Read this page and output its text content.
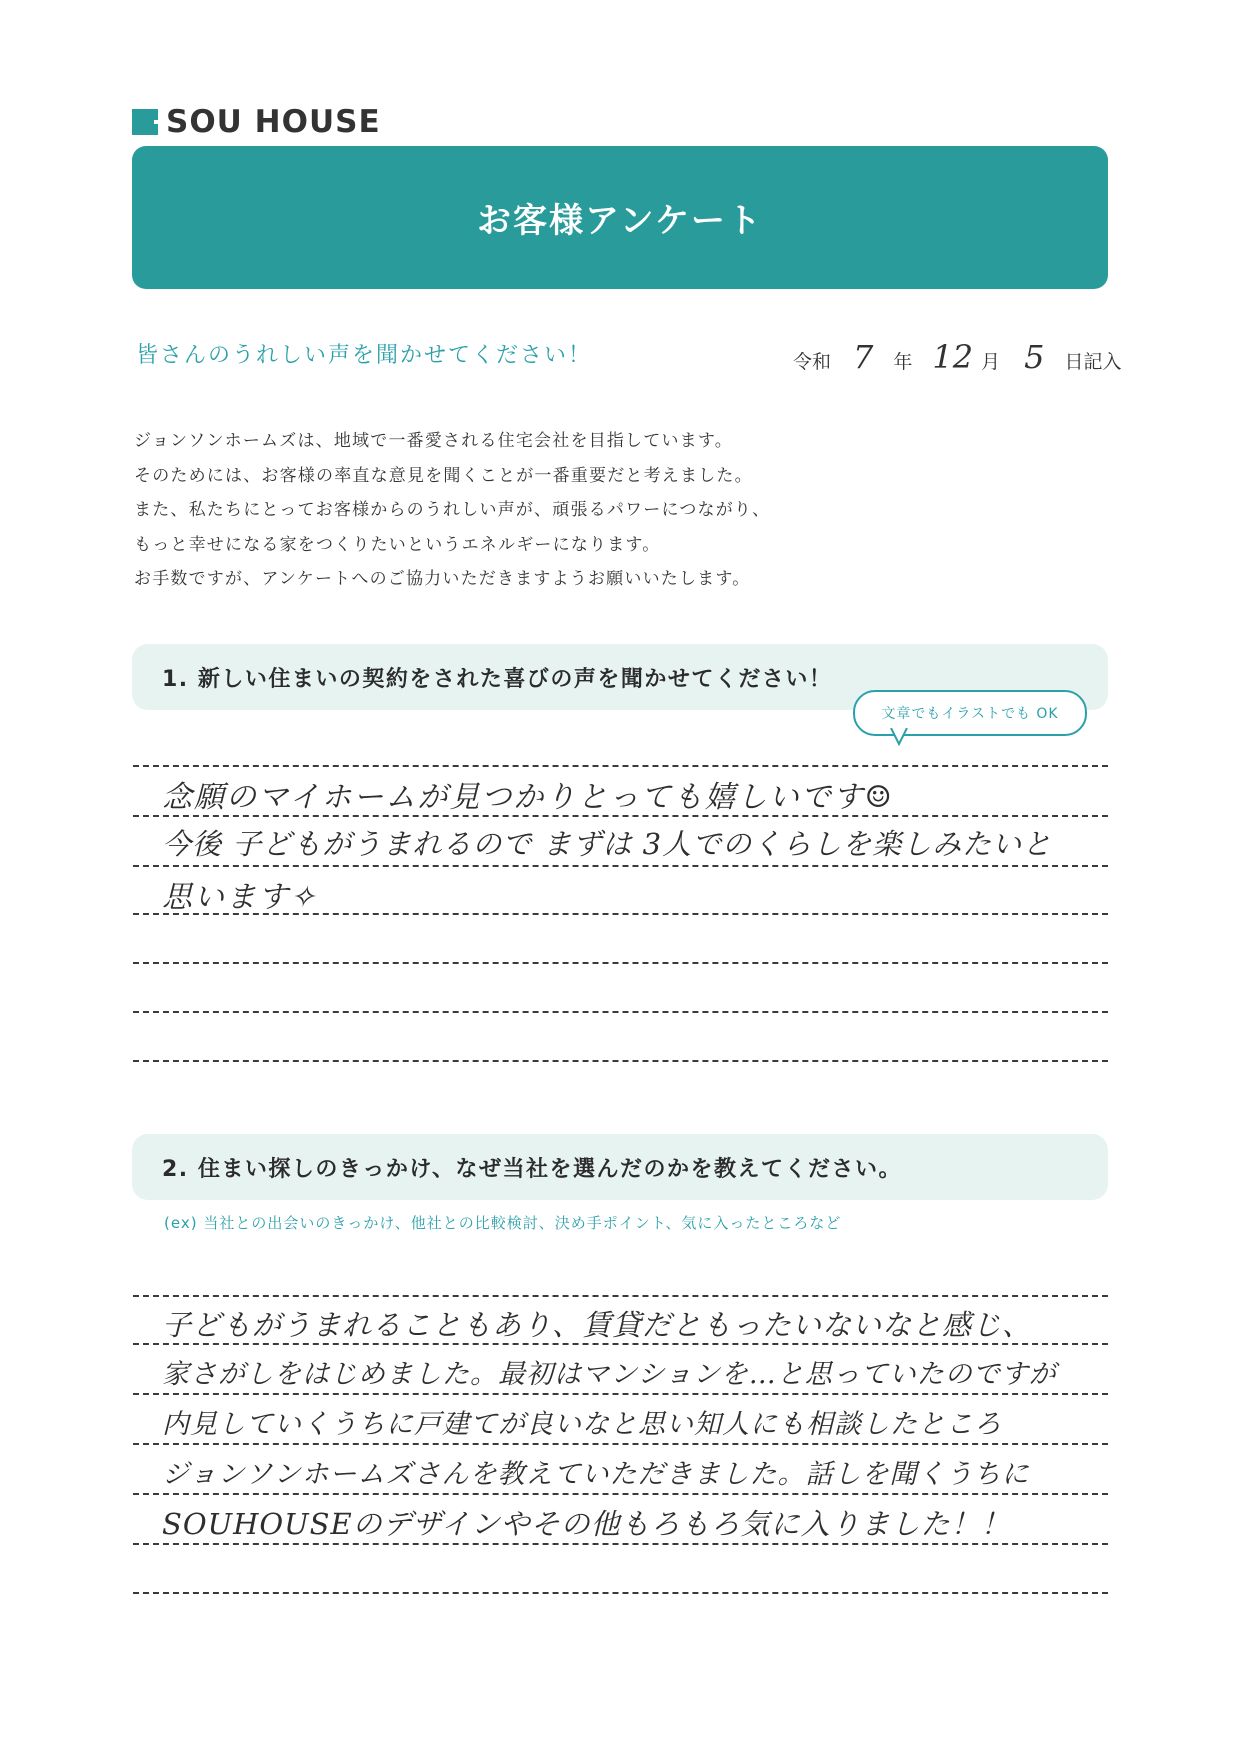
SOU HOUSE
お客様アンケート
皆さんのうれしい声を聞かせてください！	令和 7 年 12 月 5 日記入
ジョンソンホームズは、地域で一番愛される住宅会社を目指しています。
そのためには、お客様の率直な意見を聞くことが一番重要だと考えました。
また、私たちにとってお客様からのうれしい声が、頑張るパワーにつながり、
もっと幸せになる家をつくりたいというエネルギーになります。
お手数ですが、アンケートへのご協力いただきますようお願いいたします。
1. 新しい住まいの契約をされた喜びの声を聞かせてください！
文章でもイラストでも OK
念願のマイホームが見つかりとっても嬉しいです☺
今後 子どもがうまれるので まずは 3人でのくらしを楽しみたいと
思います✧
2. 住まい探しのきっかけ、なぜ当社を選んだのかを教えてください。
(ex) 当社との出会いのきっかけ、他社との比較検討、決め手ポイント、気に入ったところなど
子どもがうまれることもあり、賃貸だともったいないなと感じ、
家さがしをはじめました。最初はマンションを…と思っていたのですが
内見していくうちに戸建てが良いなと思い知人にも相談したところ
ジョンソンホームズさんを教えていただきました。話しを聞くうちに
SOUHOUSEのデザインやその他もろもろ気に入りました！！
